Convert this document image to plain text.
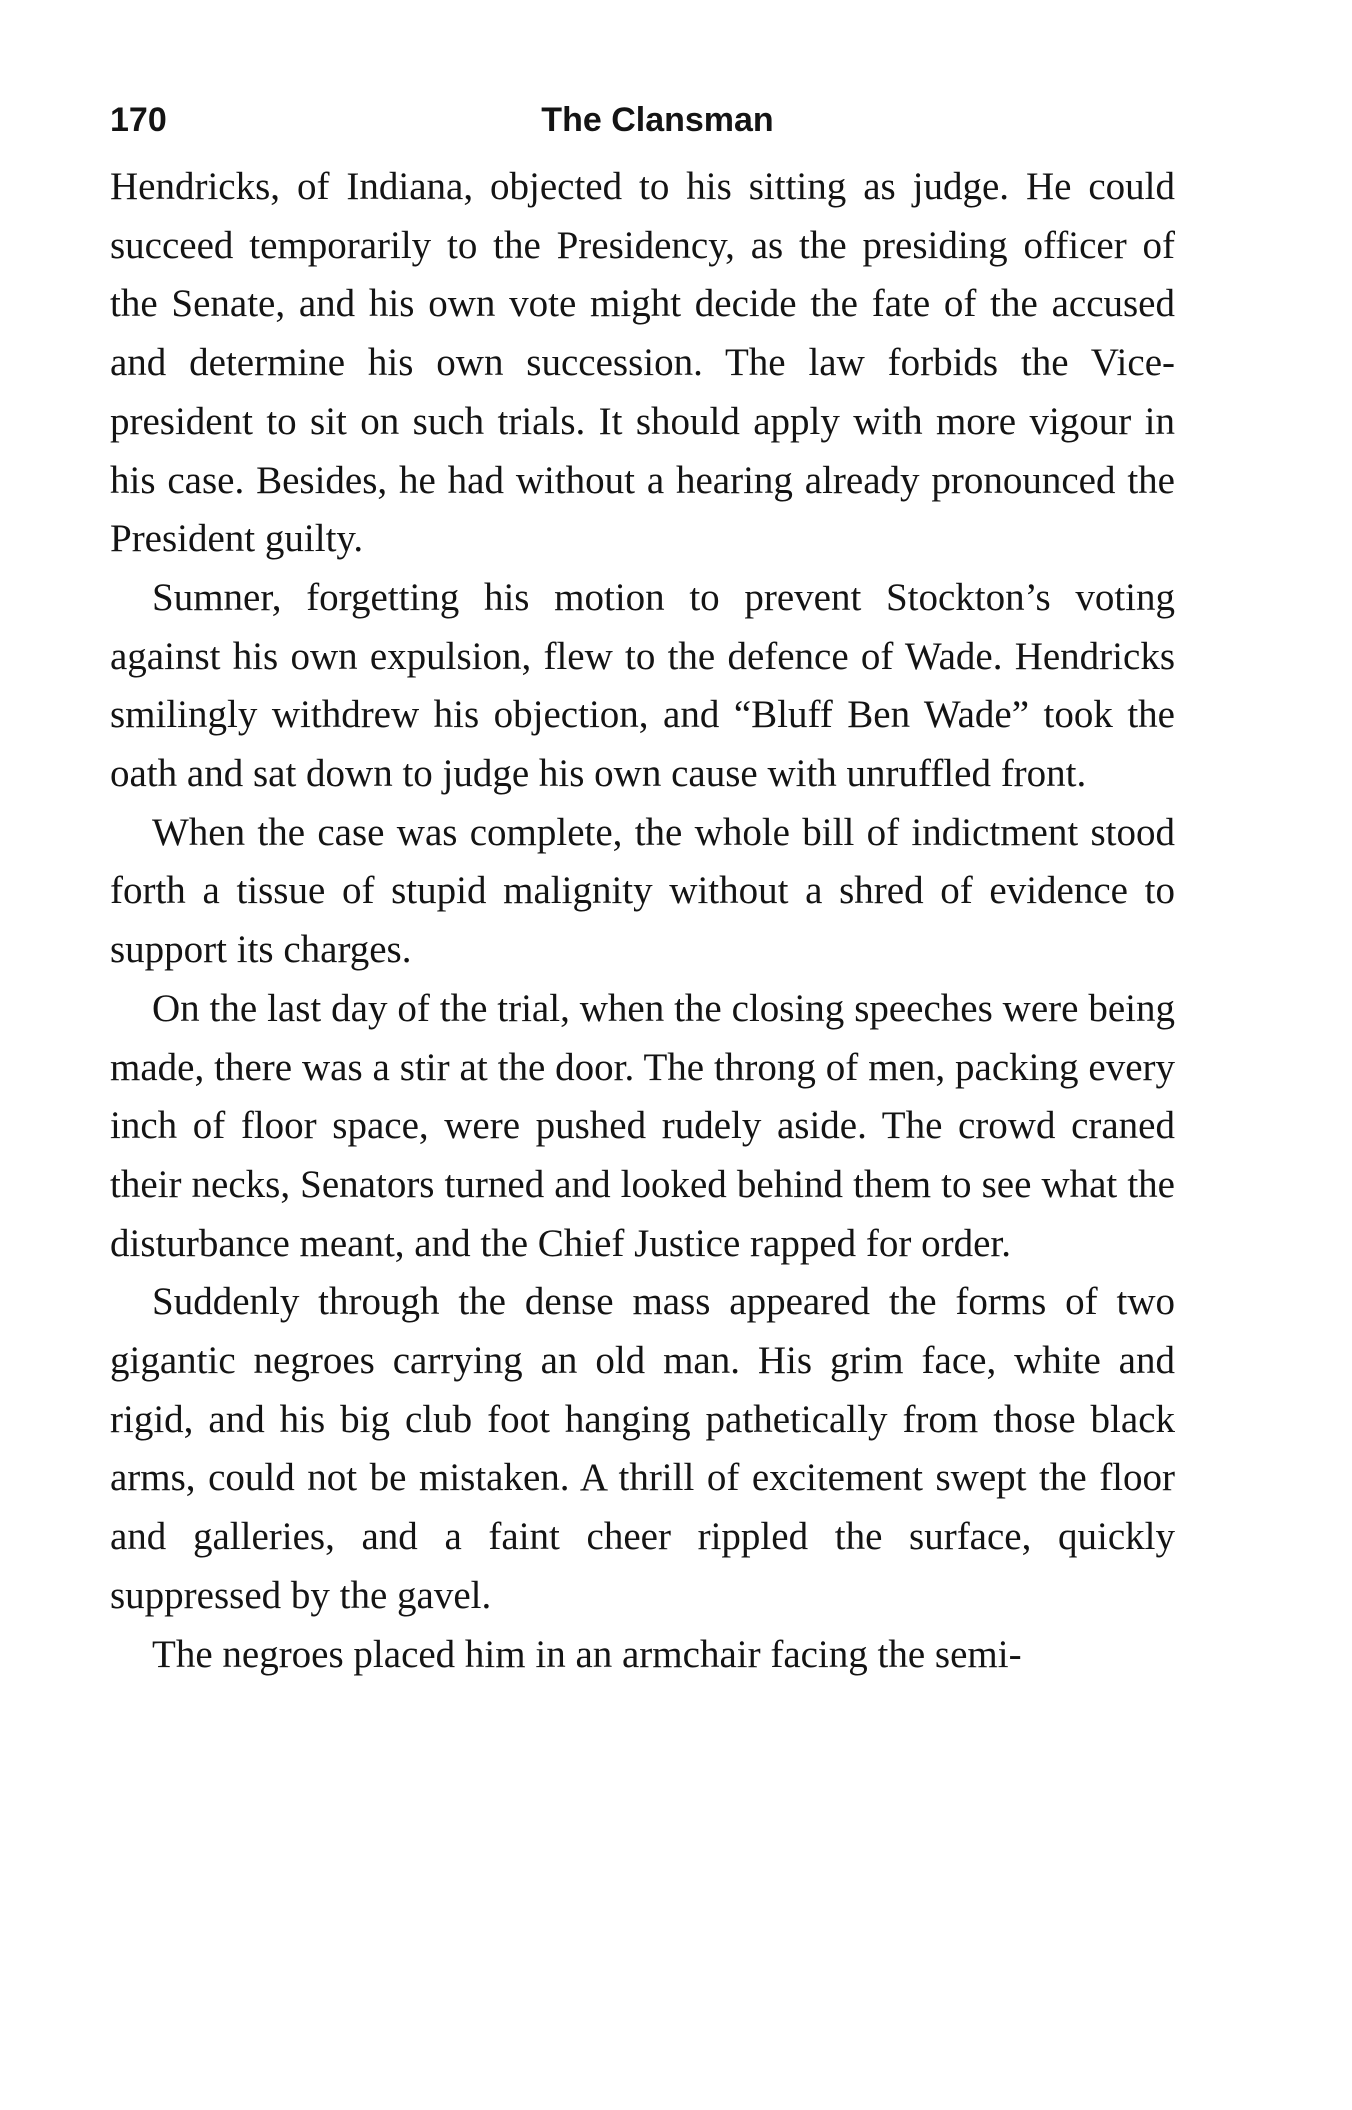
170	The Clansman

Hendricks, of Indiana, objected to his sitting as judge. He could succeed temporarily to the Presidency, as the presiding officer of the Senate, and his own vote might decide the fate of the accused and determine his own succession. The law forbids the Vice-president to sit on such trials. It should apply with more vigour in his case. Besides, he had without a hearing already pronounced the President guilty.

Sumner, forgetting his motion to prevent Stockton’s voting against his own expulsion, flew to the defence of Wade. Hendricks smilingly withdrew his objection, and “Bluff Ben Wade” took the oath and sat down to judge his own cause with unruffled front.

When the case was complete, the whole bill of indictment stood forth a tissue of stupid malignity without a shred of evidence to support its charges.

On the last day of the trial, when the closing speeches were being made, there was a stir at the door. The throng of men, packing every inch of floor space, were pushed rudely aside. The crowd craned their necks, Senators turned and looked behind them to see what the disturbance meant, and the Chief Justice rapped for order.

Suddenly through the dense mass appeared the forms of two gigantic negroes carrying an old man. His grim face, white and rigid, and his big club foot hanging pathetically from those black arms, could not be mistaken. A thrill of excitement swept the floor and galleries, and a faint cheer rippled the surface, quickly suppressed by the gavel.

The negroes placed him in an armchair facing the semi-
